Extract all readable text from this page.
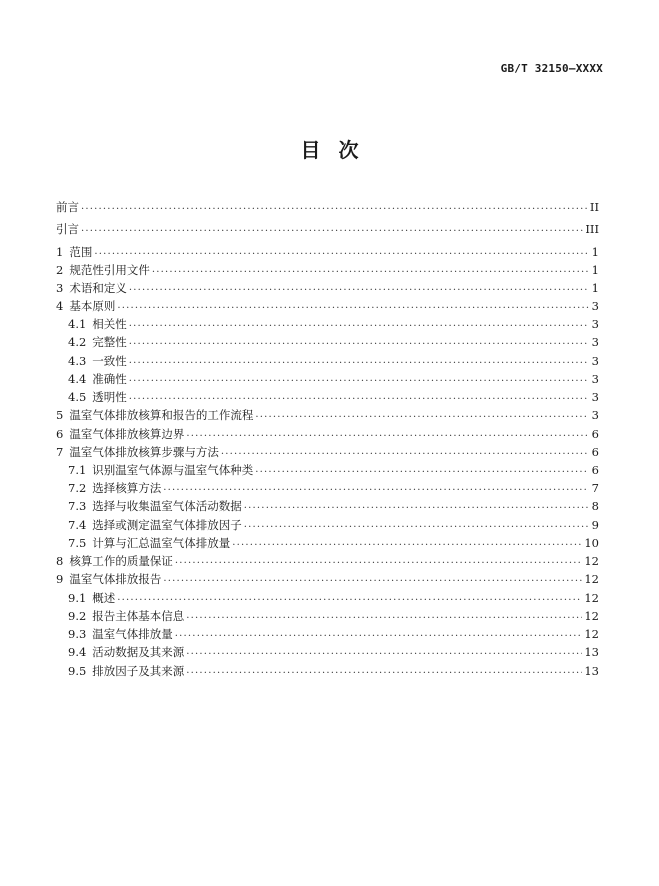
GB/T 32150—XXXX
目次
前言 .....	II
引言 .....	III
1 范围 .....	1
2 规范性引用文件 .....	1
3 术语和定义 .....	1
4 基本原则 .....	3
4.1 相关性 .....	3
4.2 完整性 .....	3
4.3 一致性 .....	3
4.4 准确性 .....	3
4.5 透明性 .....	3
5 温室气体排放核算和报告的工作流程 .....	3
6 温室气体排放核算边界 .....	6
7 温室气体排放核算步骤与方法 .....	6
7.1 识别温室气体源与温室气体种类 .....	6
7.2 选择核算方法 .....	7
7.3 选择与收集温室气体活动数据 .....	8
7.4 选择或测定温室气体排放因子 .....	9
7.5 计算与汇总温室气体排放量 .....	10
8 核算工作的质量保证 .....	12
9 温室气体排放报告 .....	12
9.1 概述 .....	12
9.2 报告主体基本信息 .....	12
9.3 温室气体排放量 .....	12
9.4 活动数据及其来源 .....	13
9.5 排放因子及其来源 .....	13
